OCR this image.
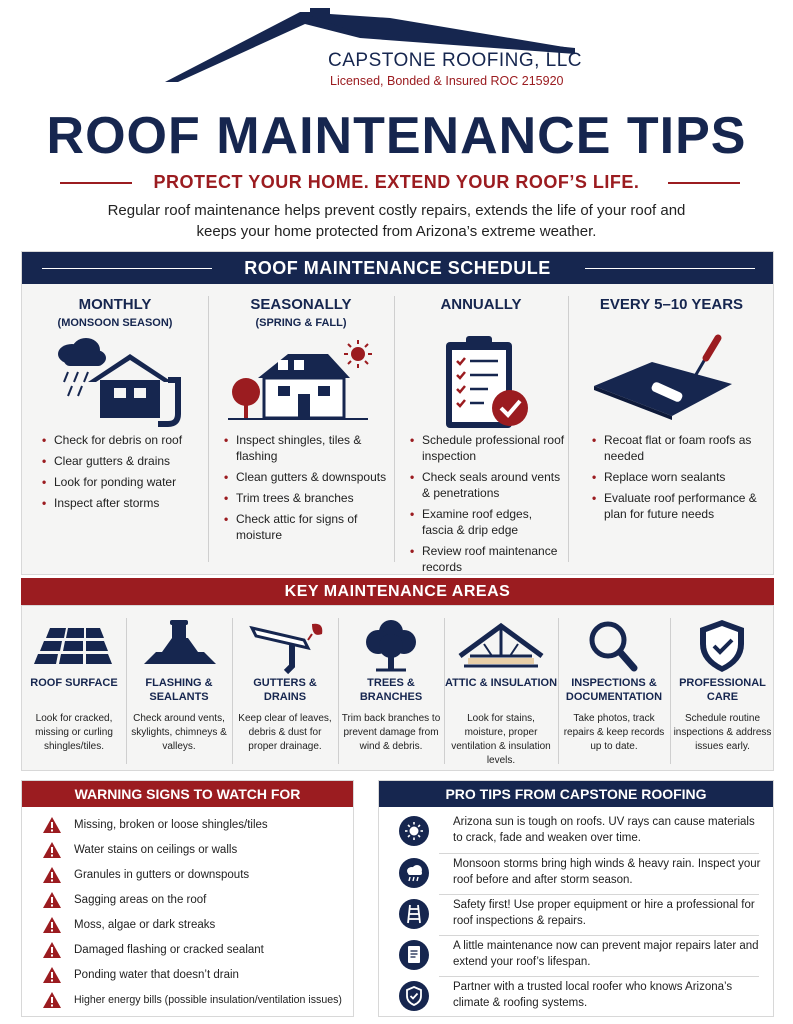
CAPSTONE ROOFING, LLC
Licensed, Bonded & Insured ROC 215920
ROOF MAINTENANCE TIPS
PROTECT YOUR HOME. EXTEND YOUR ROOF’S LIFE.
Regular roof maintenance helps prevent costly repairs, extends the life of your roof and keeps your home protected from Arizona’s extreme weather.
ROOF MAINTENANCE SCHEDULE
MONTHLY
(MONSOON SEASON)
• Check for debris on roof
• Clear gutters & drains
• Look for ponding water
• Inspect after storms
SEASONALLY
(SPRING & FALL)
• Inspect shingles, tiles & flashing
• Clean gutters & downspouts
• Trim trees & branches
• Check attic for signs of moisture
ANNUALLY
• Schedule professional roof inspection
• Check seals around vents & penetrations
• Examine roof edges, fascia & drip edge
• Review roof maintenance records
EVERY 5–10 YEARS
• Recoat flat or foam roofs as needed
• Replace worn sealants
• Evaluate roof performance & plan for future needs
KEY MAINTENANCE AREAS
ROOF SURFACE
Look for cracked, missing or curling shingles/tiles.
FLASHING & SEALANTS
Check around vents, skylights, chimneys & valleys.
GUTTERS & DRAINS
Keep clear of leaves, debris & dust for proper drainage.
TREES & BRANCHES
Trim back branches to prevent damage from wind & debris.
ATTIC & INSULATION
Look for stains, moisture, proper ventilation & insulation levels.
INSPECTIONS & DOCUMENTATION
Take photos, track repairs & keep records up to date.
PROFESSIONAL CARE
Schedule routine inspections & address issues early.
WARNING SIGNS TO WATCH FOR
Missing, broken or loose shingles/tiles
Water stains on ceilings or walls
Granules in gutters or downspouts
Sagging areas on the roof
Moss, algae or dark streaks
Damaged flashing or cracked sealant
Ponding water that doesn’t drain
Higher energy bills (possible insulation/ventilation issues)
PRO TIPS FROM CAPSTONE ROOFING
Arizona sun is tough on roofs. UV rays can cause materials to crack, fade and weaken over time.
Monsoon storms bring high winds & heavy rain. Inspect your roof before and after storm season.
Safety first! Use proper equipment or hire a professional for roof inspections & repairs.
A little maintenance now can prevent major repairs later and extend your roof’s lifespan.
Partner with a trusted local roofer who knows Arizona’s climate & roofing systems.
